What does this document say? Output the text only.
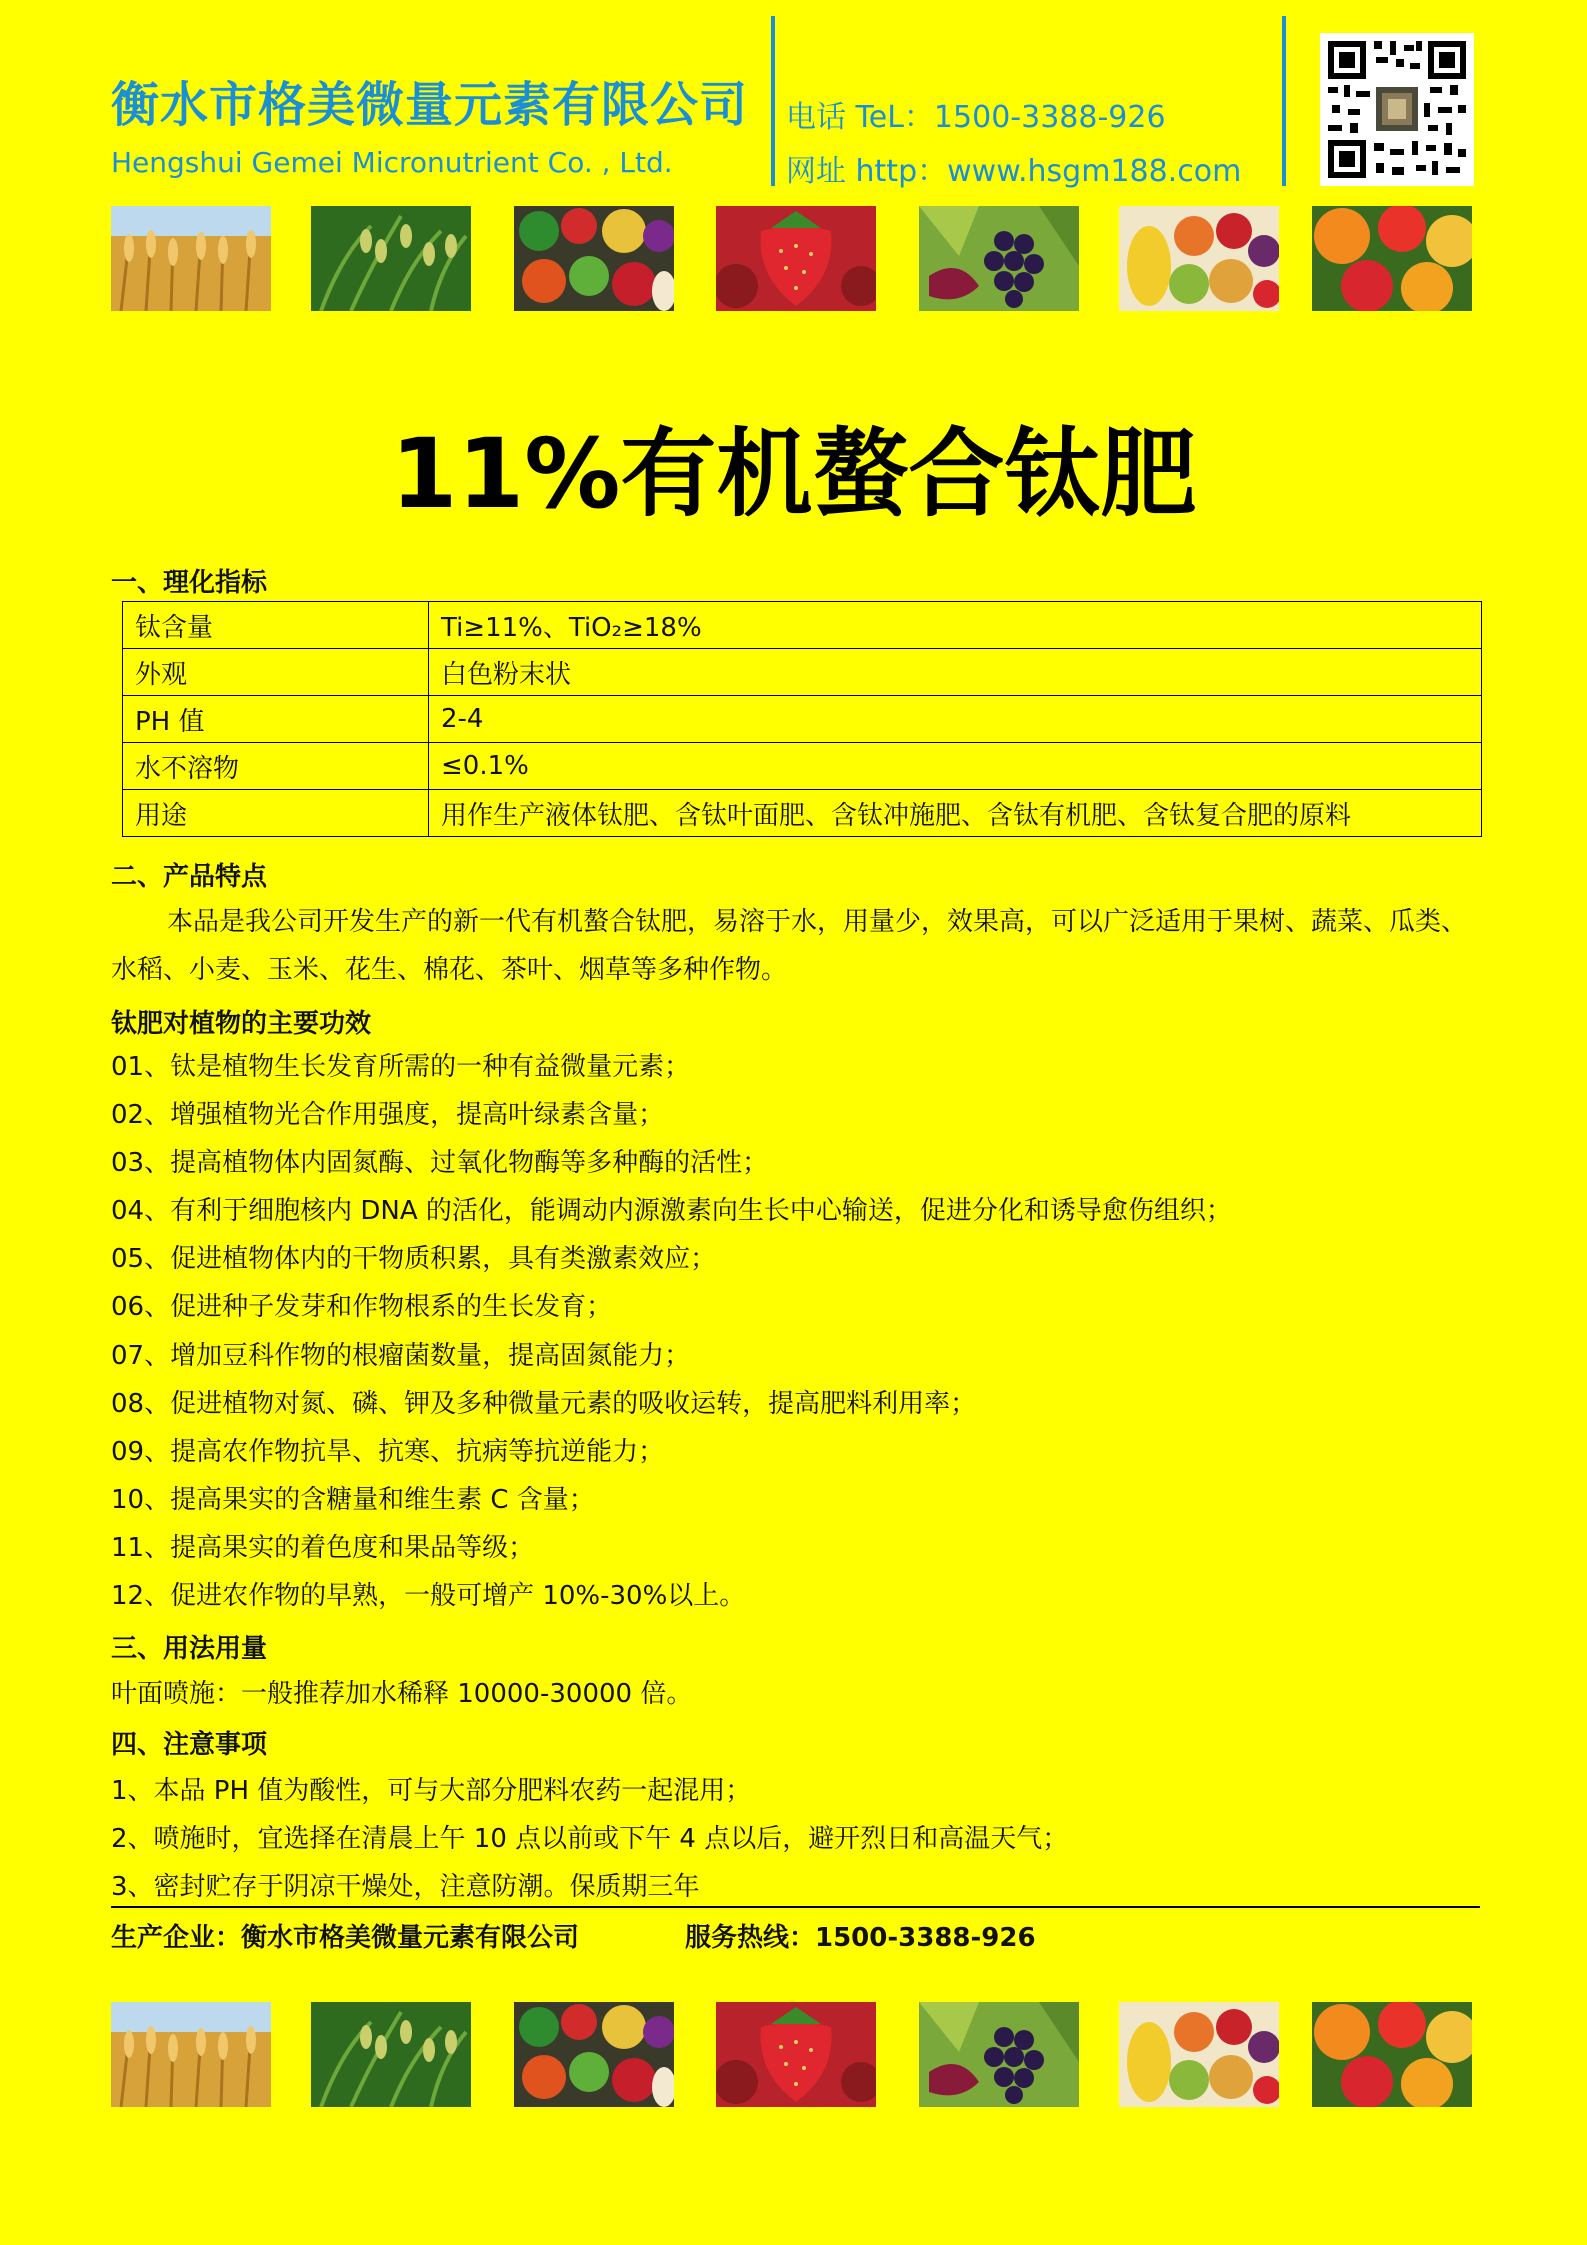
衡水市格美微量元素有限公司
Hengshui Gemei Micronutrient Co. , Ltd.
电话 TeL：1500-3388-926
网址 http：www.hsgm188.com
11%有机螯合钛肥
一、理化指标
钛含量	Ti≥11%、TiO₂≥18%
外观	白色粉末状
PH 值	2-4
水不溶物	≤0.1%
用途	用作生产液体钛肥、含钛叶面肥、含钛冲施肥、含钛有机肥、含钛复合肥的原料
二、产品特点
本品是我公司开发生产的新一代有机螯合钛肥，易溶于水，用量少，效果高，可以广泛适用于果树、蔬菜、瓜类、水稻、小麦、玉米、花生、棉花、茶叶、烟草等多种作物。
钛肥对植物的主要功效
01、钛是植物生长发育所需的一种有益微量元素；
02、增强植物光合作用强度，提高叶绿素含量；
03、提高植物体内固氮酶、过氧化物酶等多种酶的活性；
04、有利于细胞核内 DNA 的活化，能调动内源激素向生长中心输送，促进分化和诱导愈伤组织；
05、促进植物体内的干物质积累，具有类激素效应；
06、促进种子发芽和作物根系的生长发育；
07、增加豆科作物的根瘤菌数量，提高固氮能力；
08、促进植物对氮、磷、钾及多种微量元素的吸收运转，提高肥料利用率；
09、提高农作物抗旱、抗寒、抗病等抗逆能力；
10、提高果实的含糖量和维生素 C 含量；
11、提高果实的着色度和果品等级；
12、促进农作物的早熟，一般可增产 10%-30%以上。
三、用法用量
叶面喷施：一般推荐加水稀释 10000-30000 倍。
四、注意事项
1、本品 PH 值为酸性，可与大部分肥料农药一起混用；
2、喷施时，宜选择在清晨上午 10 点以前或下午 4 点以后，避开烈日和高温天气；
3、密封贮存于阴凉干燥处，注意防潮。保质期三年
生产企业：衡水市格美微量元素有限公司	服务热线：1500-3388-926
